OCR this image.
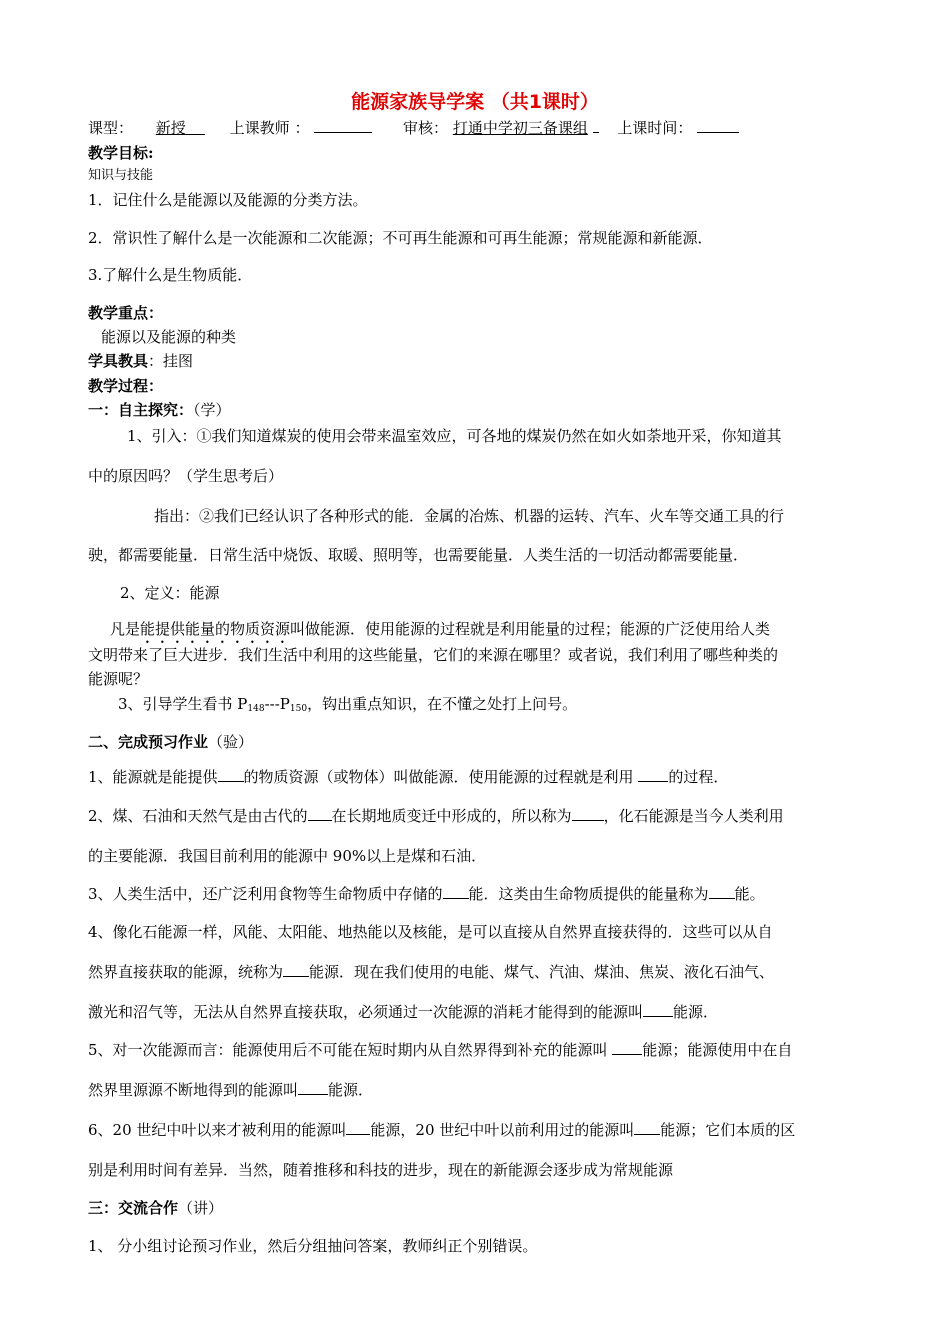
能源家族导学案 （共1课时）
课型： 新授	上课教师 ：	审核： 打通中学初三备课组 上课时间：
教学目标:
知识与技能
1．记住什么是能源以及能源的分类方法。
2．常识性了解什么是一次能源和二次能源；不可再生能源和可再生能源；常规能源和新能源．
3.了解什么是生物质能．
教学重点：
能源以及能源的种类
学具教具：挂图
教学过程：
一：自主探究：（学）
1、引入：①我们知道煤炭的使用会带来温室效应，可各地的煤炭仍然在如火如荼地开采，你知道其
中的原因吗？（学生思考后）
指出：②我们已经认识了各种形式的能．金属的冶炼、机器的运转、汽车、火车等交通工具的行
驶，都需要能量．日常生活中烧饭、取暖、照明等，也需要能量．人类生活的一切活动都需要能量．
2、定义：能源
凡是能提供能量的物质资源叫做能源．使用能源的过程就是利用能量的过程；能源的广泛使用给人类
文明带来了巨大进步．我们生活中利用的这些能量，它们的来源在哪里？或者说，我们利用了哪些种类的
能源呢？
3、引导学生看书 $P_{148}---P_{150}$，钩出重点知识，在不懂之处打上问号。
二、完成预习作业（验）
1、能源就是能提供 的物质资源（或物体）叫做能源．使用能源的过程就是利用 的过程．
2、煤、石油和天然气是由古代的 在长期地质变迁中形成的，所以称为 ，化石能源是当今人类利用
的主要能源．我国目前利用的能源中 90%以上是煤和石油．
3、人类生活中，还广泛利用食物等生命物质中存储的 能．这类由生命物质提供的能量称为 能。
4、像化石能源一样，风能、太阳能、地热能以及核能，是可以直接从自然界直接获得的．这些可以从自
然界直接获取的能源，统称为 能源．现在我们使用的电能、煤气、汽油、煤油、焦炭、液化石油气、
激光和沼气等，无法从自然界直接获取，必须通过一次能源的消耗才能得到的能源叫 能源．
5、对一次能源而言：能源使用后不可能在短时期内从自然界得到补充的能源叫 能源；能源使用中在自
然界里源源不断地得到的能源叫 能源．
6、20 世纪中叶以来才被利用的能源叫 能源，20 世纪中叶以前利用过的能源叫 能源；它们本质的区
别是利用时间有差异．当然，随着推移和科技的进步，现在的新能源会逐步成为常规能源
三：交流合作（讲）
1、 分小组讨论预习作业，然后分组抽问答案，教师纠正个别错误。
